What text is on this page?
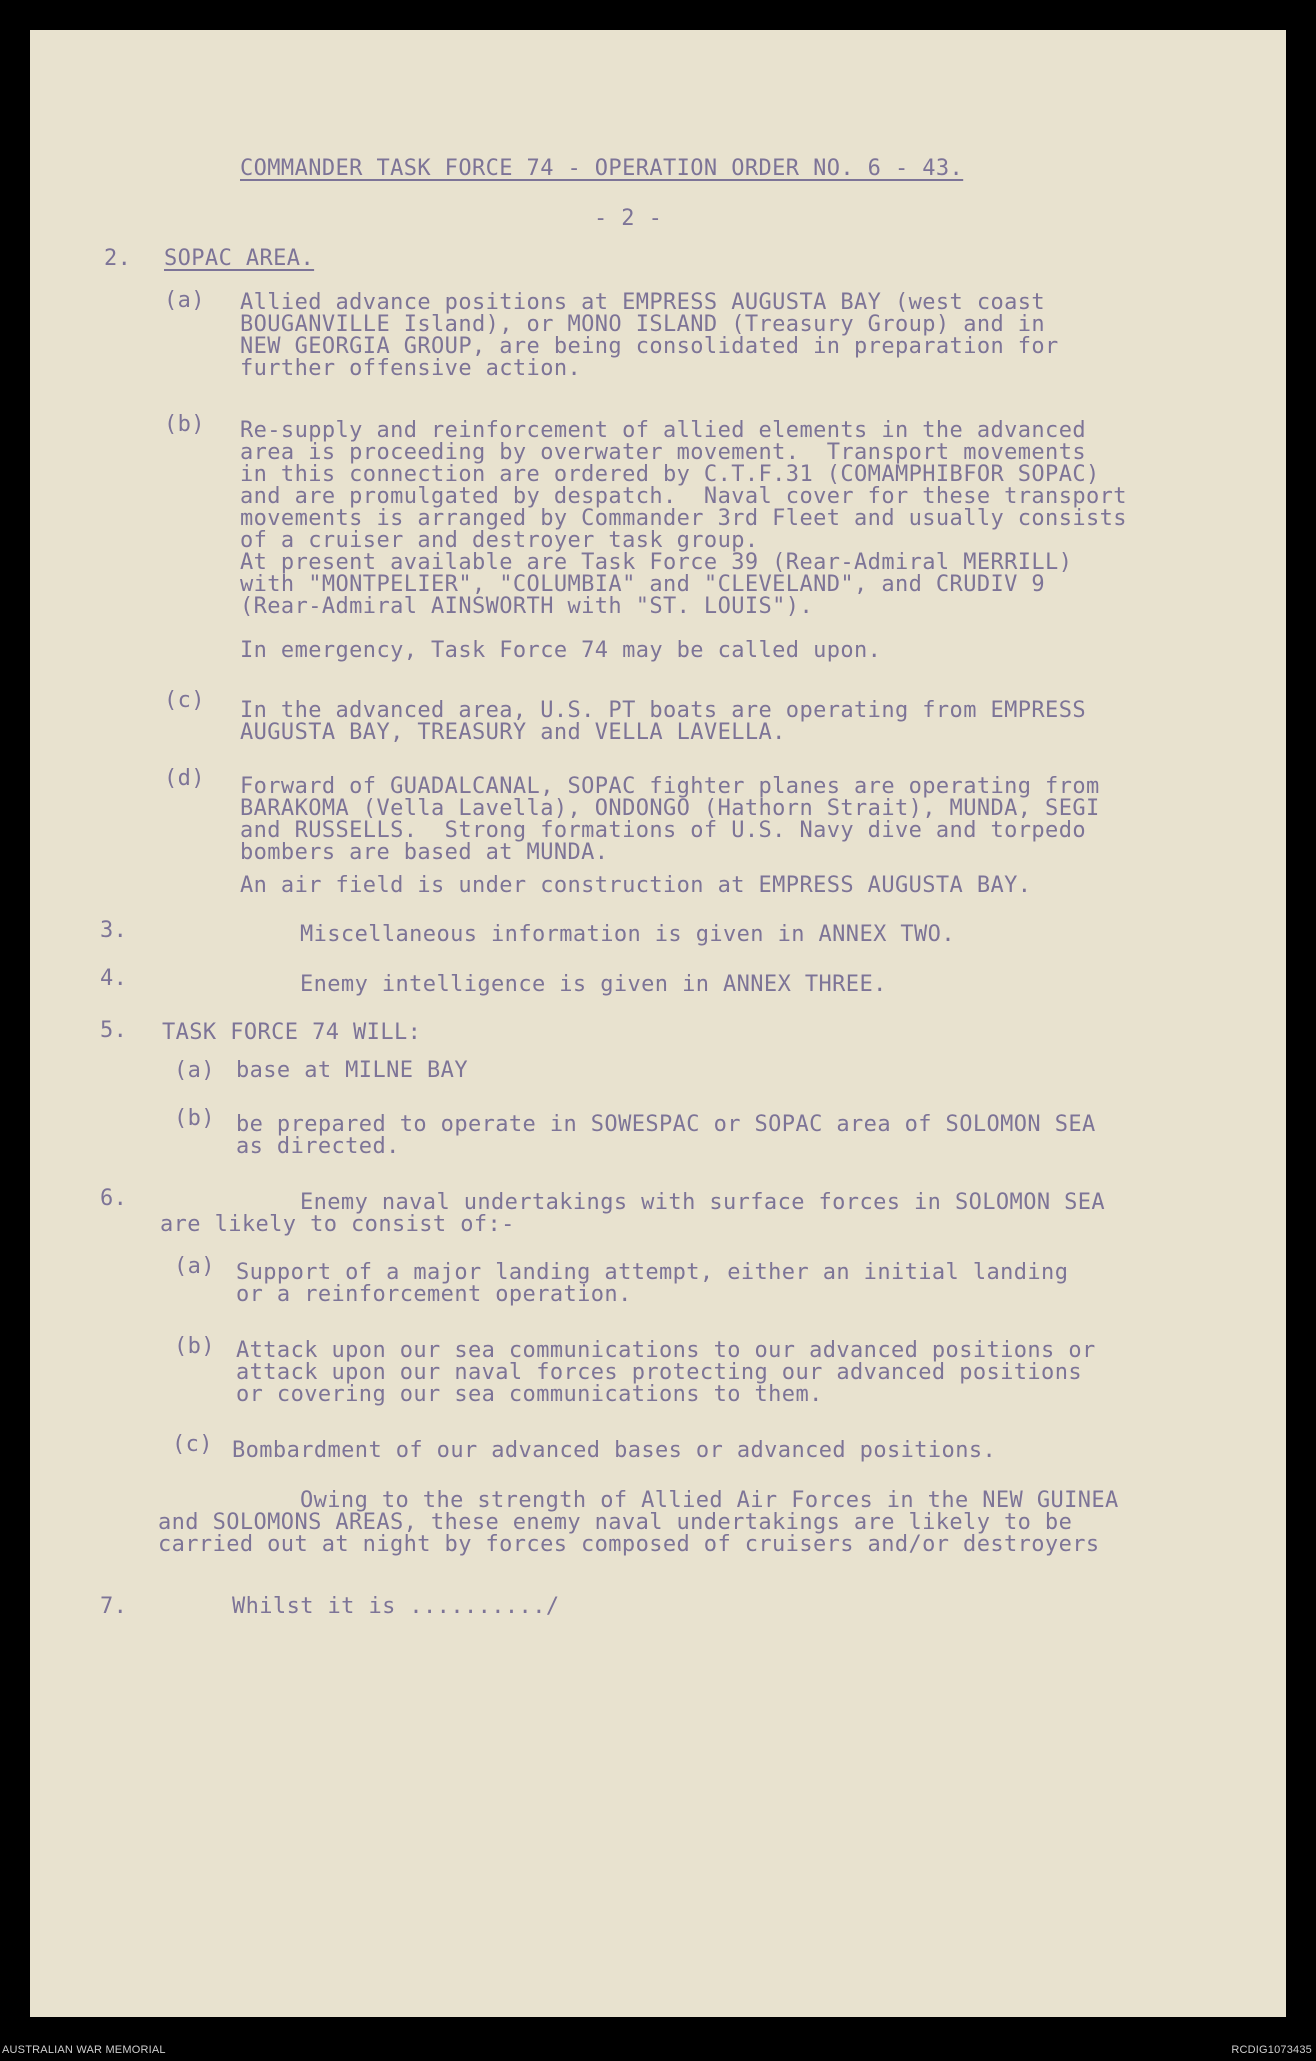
COMMANDER TASK FORCE 74 - OPERATION ORDER NO. 6 - 43.
- 2 -
2. SOPAC AREA.
(a) Allied advance positions at EMPRESS AUGUSTA BAY (west coast
BOUGANVILLE Island), or MONO ISLAND (Treasury Group) and in
NEW GEORGIA GROUP, are being consolidated in preparation for
further offensive action.
(b) Re-supply and reinforcement of allied elements in the advanced
area is proceeding by overwater movement.  Transport movements
in this connection are ordered by C.T.F.31 (COMAMPHIBFOR SOPAC)
and are promulgated by despatch.  Naval cover for these transport
movements is arranged by Commander 3rd Fleet and usually consists
of a cruiser and destroyer task group.
At present available are Task Force 39 (Rear-Admiral MERRILL)
with "MONTPELIER", "COLUMBIA" and "CLEVELAND", and CRUDIV 9
(Rear-Admiral AINSWORTH with "ST. LOUIS").
In emergency, Task Force 74 may be called upon.
(c) In the advanced area, U.S. PT boats are operating from EMPRESS
AUGUSTA BAY, TREASURY and VELLA LAVELLA.
(d) Forward of GUADALCANAL, SOPAC fighter planes are operating from
BARAKOMA (Vella Lavella), ONDONGO (Hathorn Strait), MUNDA, SEGI
and RUSSELLS.  Strong formations of U.S. Navy dive and torpedo
bombers are based at MUNDA.
An air field is under construction at EMPRESS AUGUSTA BAY.
3.	Miscellaneous information is given in ANNEX TWO.
4.	Enemy intelligence is given in ANNEX THREE.
5. TASK FORCE 74 WILL:
(a) base at MILNE BAY
(b) be prepared to operate in SOWESPAC or SOPAC area of SOLOMON SEA
as directed.
6.	Enemy naval undertakings with surface forces in SOLOMON SEA
are likely to consist of:-
(a) Support of a major landing attempt, either an initial landing
or a reinforcement operation.
(b) Attack upon our sea communications to our advanced positions or
attack upon our naval forces protecting our advanced positions
or covering our sea communications to them.
(c) Bombardment of our advanced bases or advanced positions.
Owing to the strength of Allied Air Forces in the NEW GUINEA
and SOLOMONS AREAS, these enemy naval undertakings are likely to be
carried out at night by forces composed of cruisers and/or destroyers
7.	Whilst it is ........../
AUSTRALIAN WAR MEMORIAL	RCDIG1073435
